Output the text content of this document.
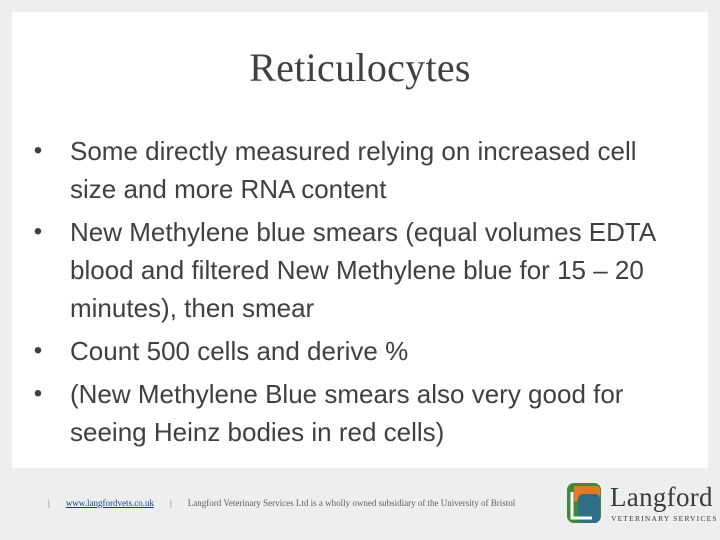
Reticulocytes
• Some directly measured relying on increased cell size and more RNA content
• New Methylene blue smears (equal volumes EDTA blood and filtered New Methylene blue for 15 – 20 minutes), then smear
• Count 500 cells and derive %
• (New Methylene Blue smears also very good for seeing Heinz bodies in red cells)
| www.langfordvets.co.uk | Langford Veterinary Services Ltd is a wholly owned subsidiary of the University of Bristol	Langford
VETERINARY SERVICES
